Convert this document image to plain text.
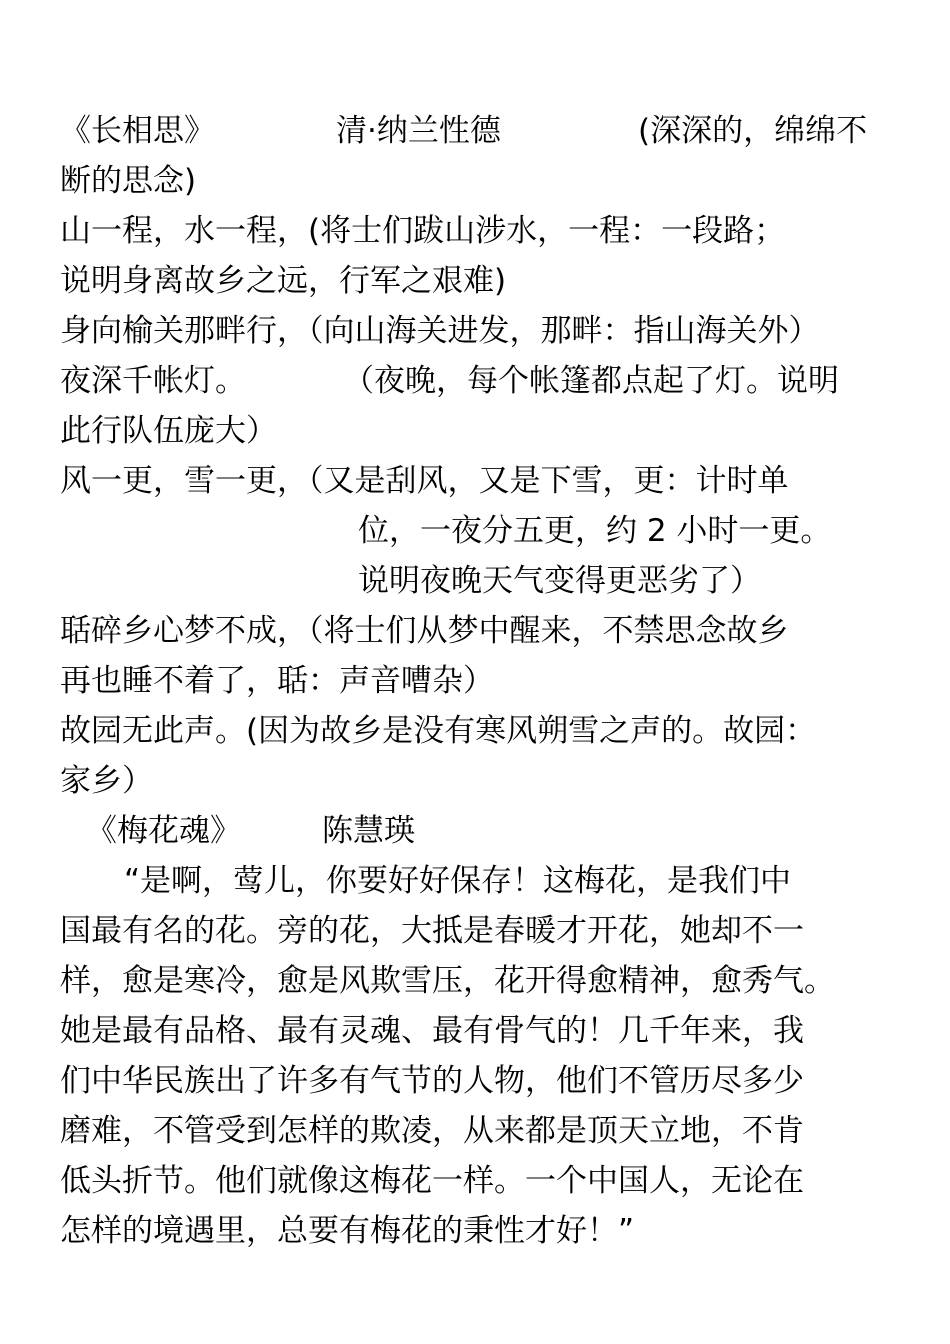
《长相思》	清·纳兰性德	(深深的，绵绵不
断的思念)
山一程，水一程，(将士们跋山涉水，一程：一段路；
说明身离故乡之远，行军之艰难)
身向榆关那畔行，（向山海关进发，那畔：指山海关外）
夜深千帐灯。	（夜晚，每个帐篷都点起了灯。说明
此行队伍庞大）
风一更，雪一更，（又是刮风，又是下雪，更：计时单
位，一夜分五更，约 2 小时一更。
说明夜晚天气变得更恶劣了）
聒碎乡心梦不成，（将士们从梦中醒来，不禁思念故乡
再也睡不着了，聒：声音嘈杂）
故园无此声。(因为故乡是没有寒风朔雪之声的。故园：
家乡）
《梅花魂》	陈慧瑛
“是啊，莺儿，你要好好保存！这梅花，是我们中
国最有名的花。旁的花，大抵是春暖才开花，她却不一
样，愈是寒冷，愈是风欺雪压，花开得愈精神，愈秀气。
她是最有品格、最有灵魂、最有骨气的！几千年来，我
们中华民族出了许多有气节的人物，他们不管历尽多少
磨难，不管受到怎样的欺凌，从来都是顶天立地，不肯
低头折节。他们就像这梅花一样。一个中国人，无论在
怎样的境遇里，总要有梅花的秉性才好！”
